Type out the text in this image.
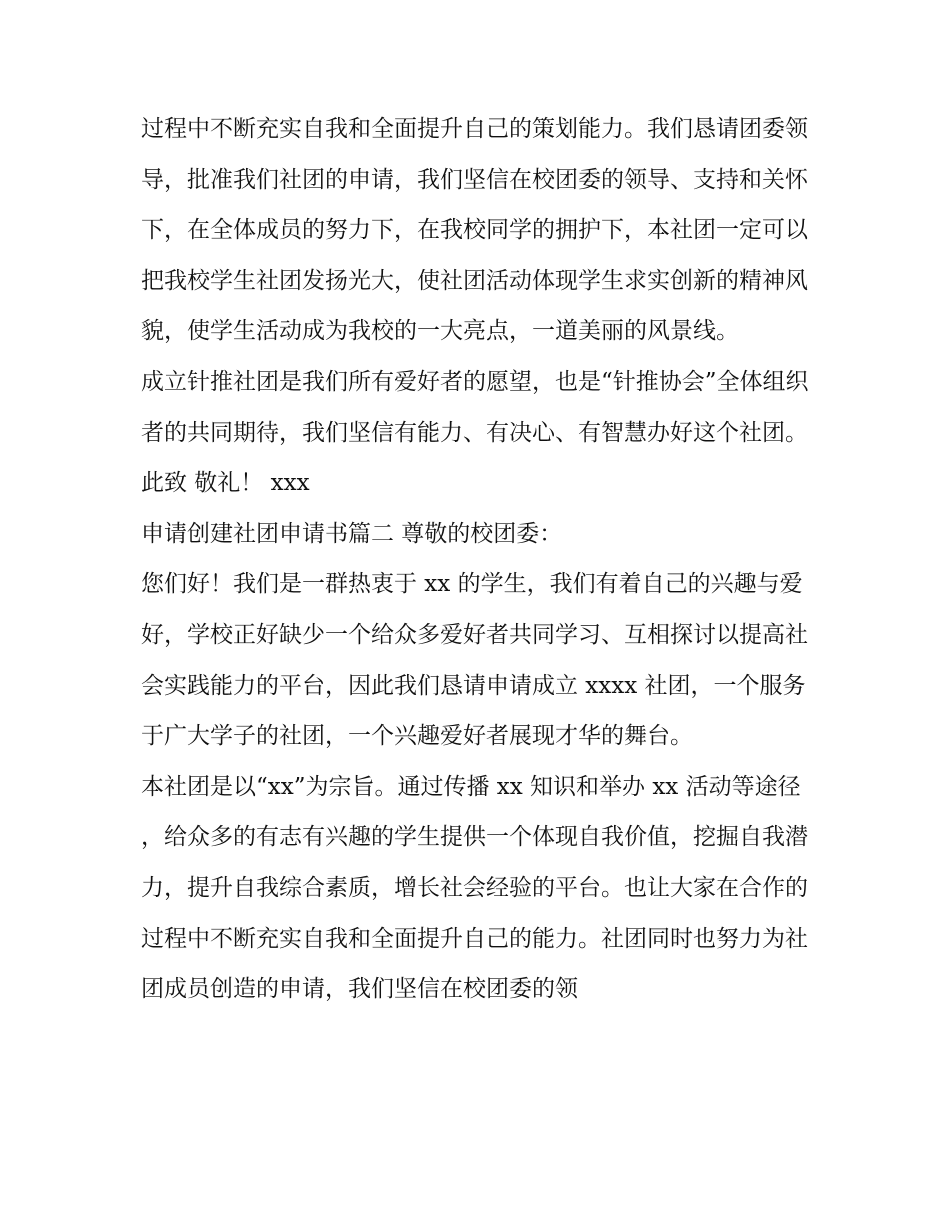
过程中不断充实自我和全面提升自己的策划能力。我们恳请团委领导，批准我们社团的申请，我们坚信在校团委的领导、支持和关怀下，在全体成员的努力下，在我校同学的拥护下，本社团一定可以把我校学生社团发扬光大，使社团活动体现学生求实创新的精神风貌，使学生活动成为我校的一大亮点，一道美丽的风景线。

成立针推社团是我们所有爱好者的愿望，也是“针推协会”全体组织者的共同期待，我们坚信有能力、有决心、有智慧办好这个社团。 此致 敬礼！ xxx

申请创建社团申请书篇二 尊敬的校团委：

您们好！我们是一群热衷于 xx 的学生，我们有着自己的兴趣与爱好，学校正好缺少一个给众多爱好者共同学习、互相探讨以提高社会实践能力的平台，因此我们恳请申请成立 xxxx 社团，一个服务于广大学子的社团，一个兴趣爱好者展现才华的舞台。

本社团是以“xx”为宗旨。通过传播 xx 知识和举办 xx 活动等途径，给众多的有志有兴趣的学生提供一个体现自我价值，挖掘自我潜力，提升自我综合素质，增长社会经验的平台。也让大家在合作的过程中不断充实自我和全面提升自己的能力。社团同时也努力为社团成员创造的申请，我们坚信在校团委的领
